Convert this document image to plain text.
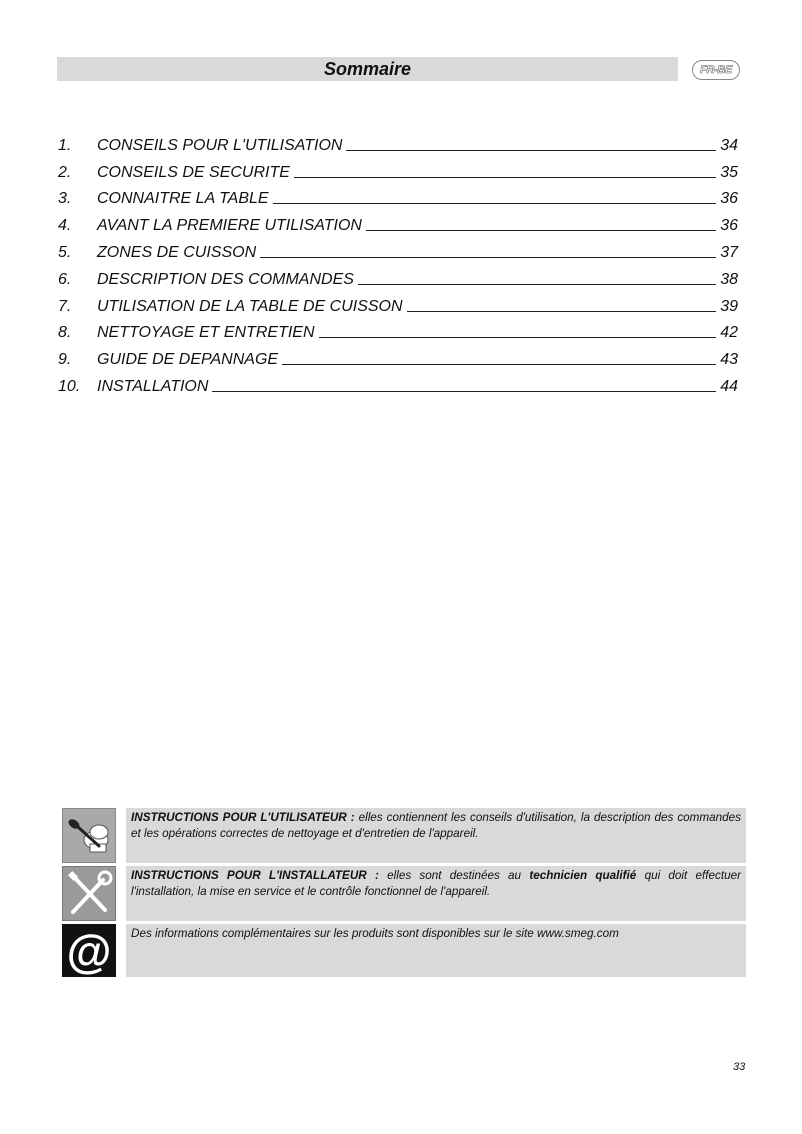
Sommaire	FR-BE
1.	CONSEILS POUR L'UTILISATION	34
2.	CONSEILS DE SECURITE	35
3.	CONNAITRE LA TABLE	36
4.	AVANT LA PREMIERE UTILISATION	36
5.	ZONES DE CUISSON	37
6.	DESCRIPTION DES COMMANDES	38
7.	UTILISATION DE LA TABLE DE CUISSON	39
8.	NETTOYAGE ET ENTRETIEN	42
9.	GUIDE DE DEPANNAGE	43
10.	INSTALLATION	44
INSTRUCTIONS POUR L'UTILISATEUR : elles contiennent les conseils d'utilisation, la description des commandes et les opérations correctes de nettoyage et d'entretien de l'appareil.
INSTRUCTIONS POUR L'INSTALLATEUR : elles sont destinées au technicien qualifié qui doit effectuer l'installation, la mise en service et le contrôle fonctionnel de l'appareil.
@	Des informations complémentaires sur les produits sont disponibles sur le site www.smeg.com
33
